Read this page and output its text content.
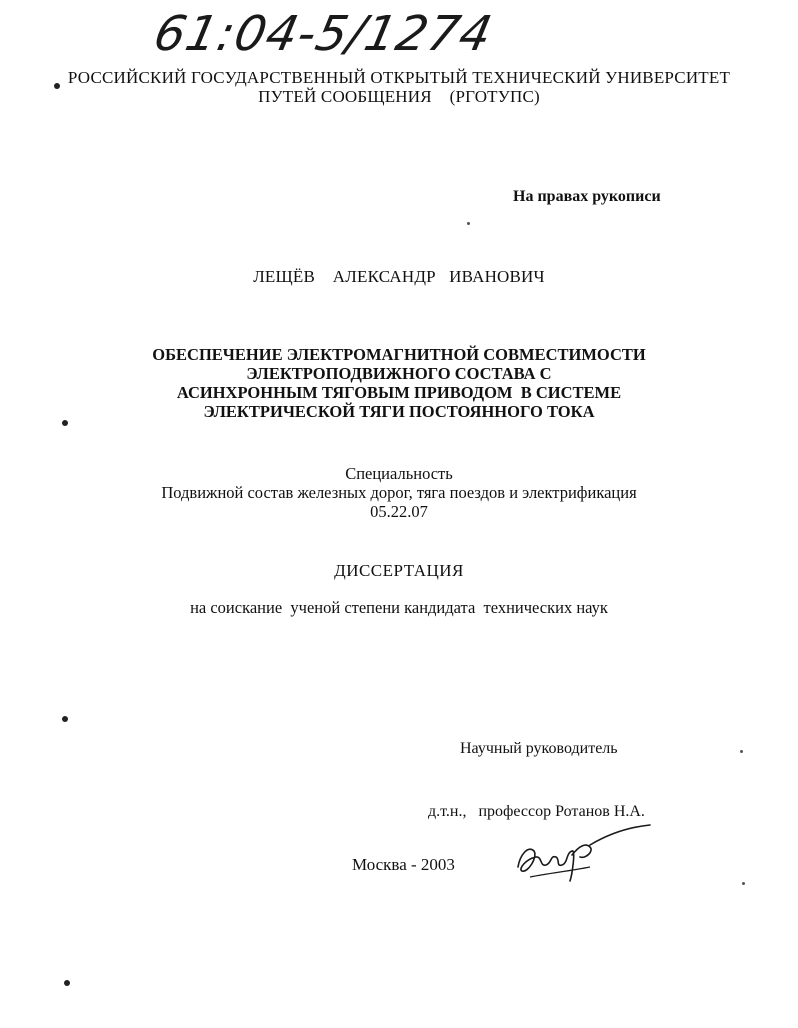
61:04-5/1274
РОССИЙСКИЙ ГОСУДАРСТВЕННЫЙ ОТКРЫТЫЙ ТЕХНИЧЕСКИЙ УНИВЕРСИТЕТ
ПУТЕЙ СООБЩЕНИЯ    (РГОТУПС)
На правах рукописи
ЛЕЩЁВ    АЛЕКСАНДР   ИВАНОВИЧ
ОБЕСПЕЧЕНИЕ ЭЛЕКТРОМАГНИТНОЙ СОВМЕСТИМОСТИ
ЭЛЕКТРОПОДВИЖНОГО СОСТАВА С
АСИНХРОННЫМ ТЯГОВЫМ ПРИВОДОМ  В СИСТЕМЕ
ЭЛЕКТРИЧЕСКОЙ ТЯГИ ПОСТОЯННОГО ТОКА
Специальность
Подвижной состав железных дорог, тяга поездов и электрификация
05.22.07
ДИССЕРТАЦИЯ
на соискание  ученой степени кандидата  технических наук

Научный руководитель

д.т.н.,   профессор Ротанов Н.А.

Москва - 2003
